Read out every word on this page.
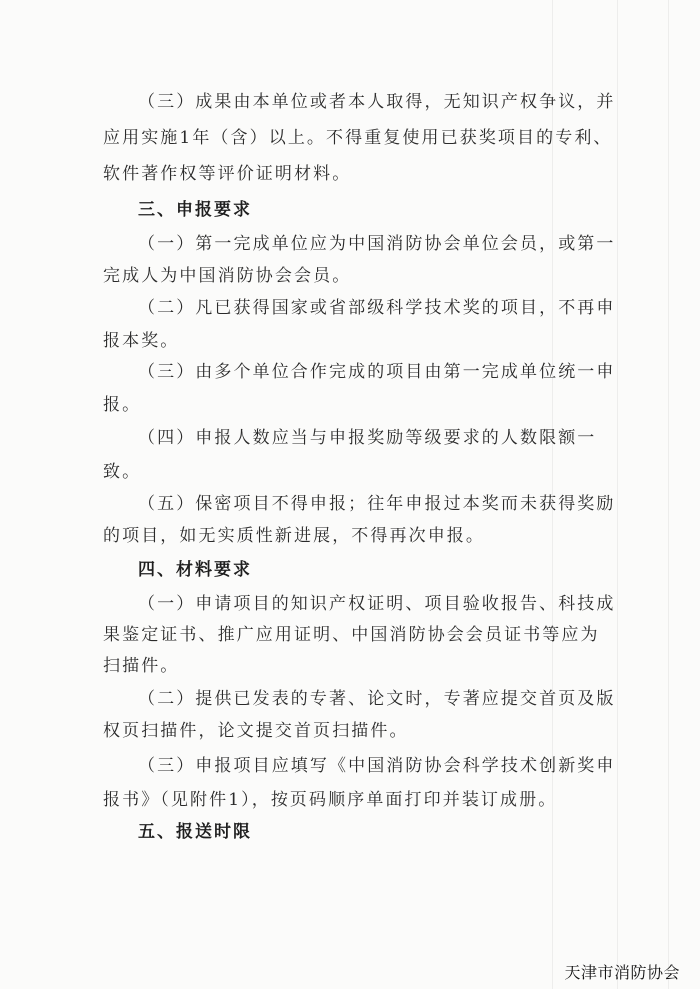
（三）成果由本单位或者本人取得，无知识产权争议，并
应用实施1年（含）以上。不得重复使用已获奖项目的专利、
软件著作权等评价证明材料。
三、申报要求
（一）第一完成单位应为中国消防协会单位会员，或第一
完成人为中国消防协会会员。
（二）凡已获得国家或省部级科学技术奖的项目，不再申
报本奖。
（三）由多个单位合作完成的项目由第一完成单位统一申
报。
（四）申报人数应当与申报奖励等级要求的人数限额一
致。
（五）保密项目不得申报；往年申报过本奖而未获得奖励
的项目，如无实质性新进展，不得再次申报。
四、材料要求
（一）申请项目的知识产权证明、项目验收报告、科技成
果鉴定证书、推广应用证明、中国消防协会会员证书等应为
扫描件。
（二）提供已发表的专著、论文时，专著应提交首页及版
权页扫描件，论文提交首页扫描件。
（三）申报项目应填写《中国消防协会科学技术创新奖申
报书》（见附件1），按页码顺序单面打印并装订成册。
五、报送时限
天津市消防协会
